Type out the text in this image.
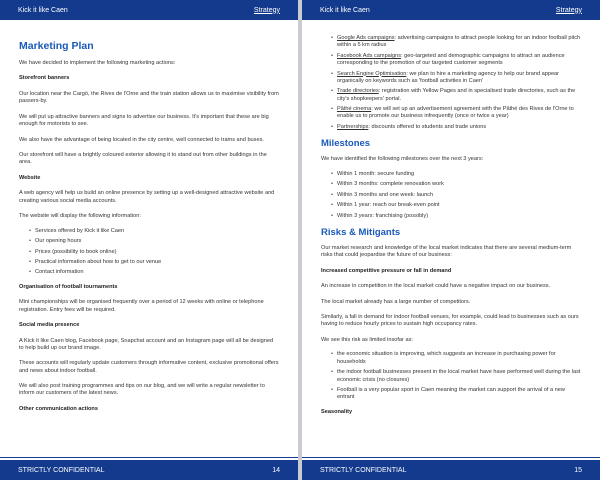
Kick it like Caen	Strategy
Marketing Plan

We have decided to implement the following marketing actions:

Storefront banners

Our location near the Cargö, the Rives de l'Orne and the train station allows us to maximise visibility from passers-by.

We will put up attractive banners and signs to advertise our business. It's important that these are big enough for motorists to see.

We also have the advantage of being located in the city centre, well connected to trams and buses.

Our storefront will have a brightly coloured exterior allowing it to stand out from other buildings in the area.

Website

A web agency will help us build an online presence by setting up a well-designed attractive website and creating various social media accounts.

The website will display the following information:

• Services offered by Kick it like Caen
• Our opening hours
• Prices (possibility to book online)
• Practical information about how to get to our venue
• Contact information

Organisation of football tournaments

Mini championships will be organised frequently over a period of 12 weeks with online or telephone registration. Entry fees will be required.

Social media presence

A Kick it like Caen blog, Facebook page, Snapchat account and an Instagram page will all be designed to help build up our brand image.

These accounts will regularly update customers through informative content, exclusive promotional offers and news about indoor football.

We will also post training programmes and tips on our blog, and we will write a regular newsletter to inform our customers of the latest news.

Other communication actions

STRICTLY CONFIDENTIAL	14
Kick it like Caen	Strategy
• Google Ads campaigns: advertising campaigns to attract people looking for an indoor football pitch within a 5 km radius
• Facebook Ads campaigns: geo-targeted and demographic campaigns to attract an audience corresponding to the promotion of our targeted customer segments
• Search Engine Optimisation: we plan to hire a marketing agency to help our brand appear organically on keywords such as 'football activities in Caen'
• Trade directories: registration with Yellow Pages and in specialised trade directories, such as the city's shopkeepers' portal.
• Pâthé cinema: we will set up an advertisement agreement with the Pâthé des Rives de l'Orne to enable us to promote our business infrequently (once or twice a year)
• Partnerships: discounts offered to students and trade unions
Milestones

We have identified the following milestones over the next 3 years:

• Within 1 month: secure funding
• Within 3 months: complete renovation work
• Within 3 months and one week: launch
• Within 1 year: reach our break-even point
• Within 3 years: franchising (possibly)
Risks & Mitigants

Our market research and knowledge of the local market indicates that there are several medium-term risks that could jeopardise the future of our business:

Increased competitive pressure or fall in demand

An increase in competition in the local market could have a negative impact on our business.

The local market already has a large number of competitors.

Similarly, a fall in demand for indoor football venues, for example, could lead to businesses such as ours having to reduce hourly prices to sustain high occupancy rates.

We see this risk as limited insofar as:

• the economic situation is improving, which suggests an increase in purchasing power for households
• the indoor football businesses present in the local market have have performed well during the last economic crisis (no closures)
• Football is a very popular sport in Caen meaning the market can support the arrival of a new entrant

Seasonality

STRICTLY CONFIDENTIAL	15
